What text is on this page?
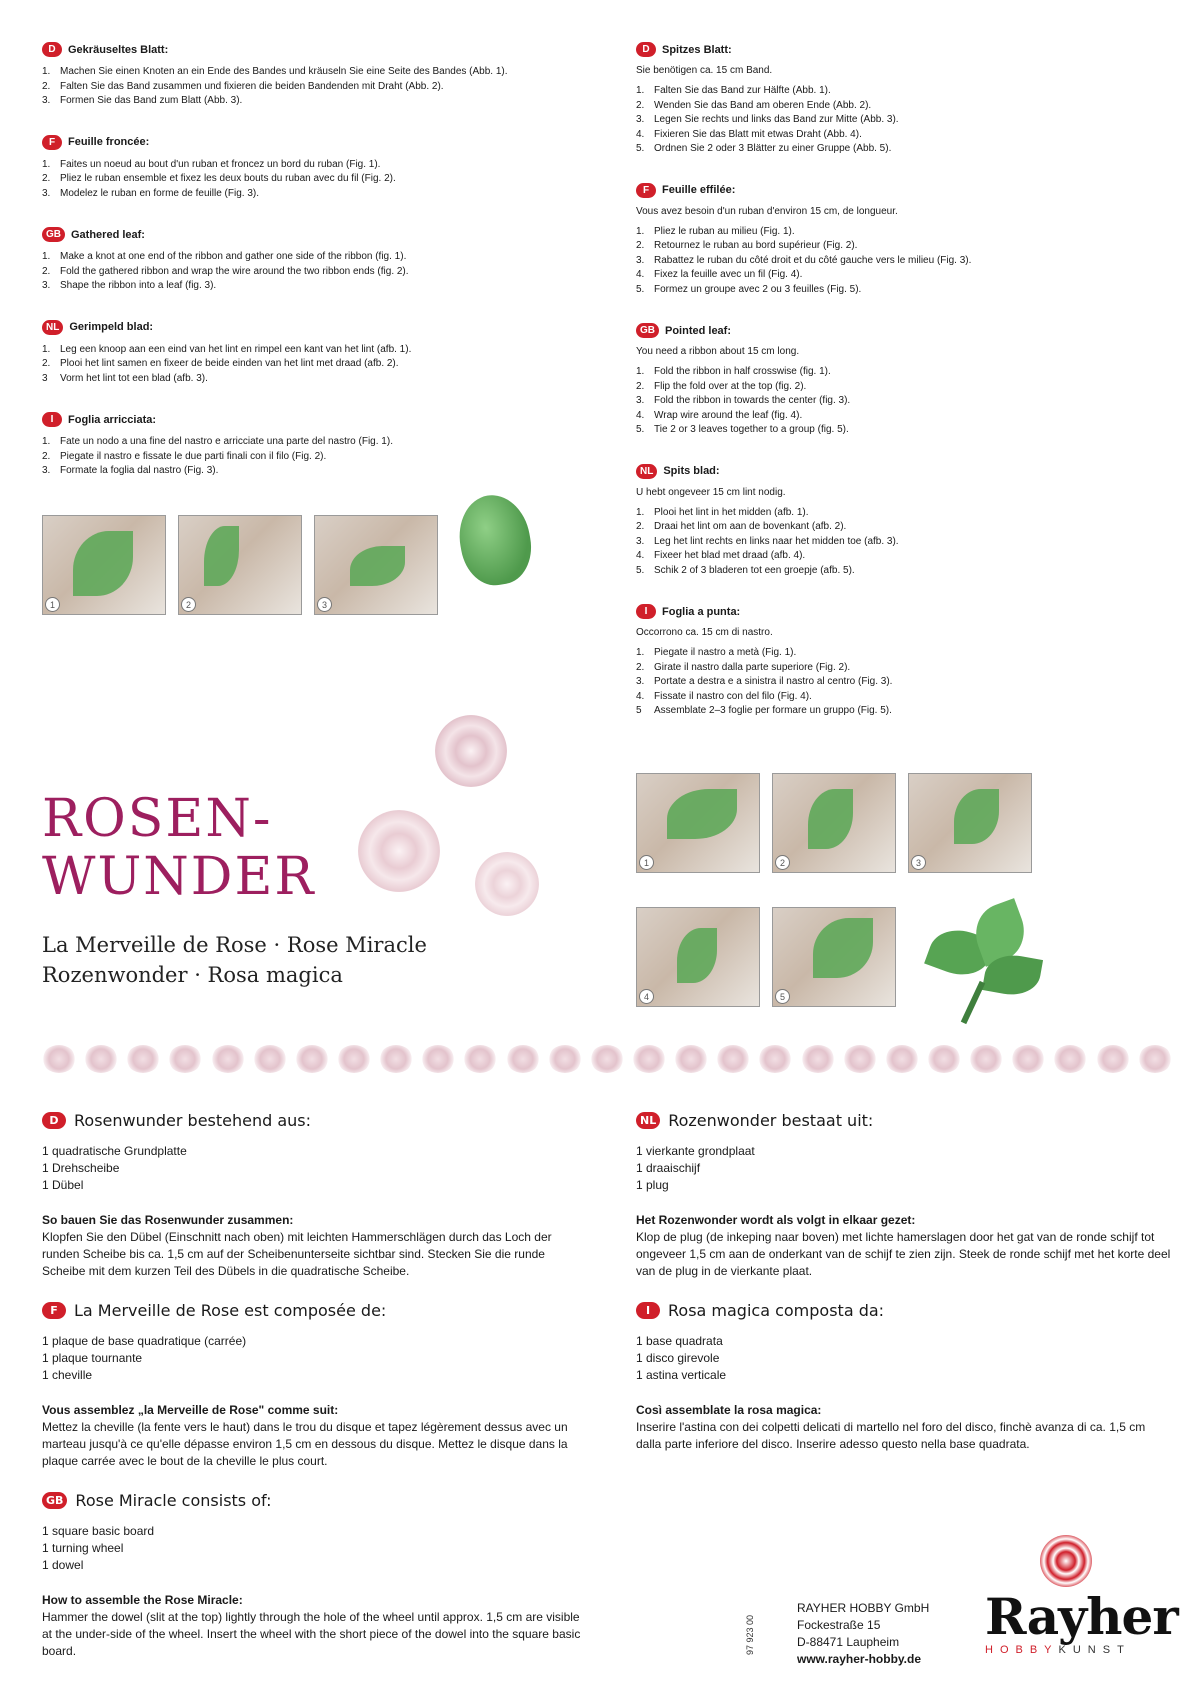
D	Gekräuseltes Blatt:
1. Machen Sie einen Knoten an ein Ende des Bandes und kräuseln Sie eine Seite des Bandes (Abb. 1).
2. Falten Sie das Band zusammen und fixieren die beiden Bandenden mit Draht (Abb. 2).
3. Formen Sie das Band zum Blatt (Abb. 3).
F	Feuille froncée:
1. Faites un noeud au bout d'un ruban et froncez un bord du ruban (Fig. 1).
2. Pliez le ruban ensemble et fixez les deux bouts du ruban avec du fil (Fig. 2).
3. Modelez le ruban en forme de feuille (Fig. 3).
GB Gathered leaf:
1. Make a knot at one end of the ribbon and gather one side of the ribbon (fig. 1).
2. Fold the gathered ribbon and wrap the wire around the two ribbon ends (fig. 2).
3. Shape the ribbon into a leaf (fig. 3).
NL Gerimpeld blad:
1. Leg een knoop aan een eind van het lint en rimpel een kant van het lint (afb. 1).
2. Plooi het lint samen en fixeer de beide einden van het lint met draad (afb. 2).
3	Vorm het lint tot een blad (afb. 3).
I	Foglia arricciata:
1. Fate un nodo a una fine del nastro e arricciate una parte del nastro (Fig. 1).
2. Piegate il nastro e fissate le due parti finali con il filo (Fig. 2).
3. Formate la foglia dal nastro (Fig. 3).
1	2	3
D	Spitzes Blatt:

Sie benötigen ca. 15 cm Band.

1. Falten Sie das Band zur Hälfte (Abb. 1).
2. Wenden Sie das Band am oberen Ende (Abb. 2).
3. Legen Sie rechts und links das Band zur Mitte (Abb. 3).
4. Fixieren Sie das Blatt mit etwas Draht (Abb. 4).
5. Ordnen Sie 2 oder 3 Blätter zu einer Gruppe (Abb. 5).
F	Feuille effilée:

Vous avez besoin d'un ruban d'environ 15 cm, de longueur.

1. Pliez le ruban au milieu (Fig. 1).
2. Retournez le ruban au bord supérieur (Fig. 2).
3. Rabattez le ruban du côté droit et du côté gauche vers le milieu (Fig. 3).
4. Fixez la feuille avec un fil (Fig. 4).
5. Formez un groupe avec 2 ou 3 feuilles (Fig. 5).
GB Pointed leaf:

You need a ribbon about 15 cm long.

1. Fold the ribbon in half crosswise (fig. 1).
2. Flip the fold over at the top (fig. 2).
3. Fold the ribbon in towards the center (fig. 3).
4. Wrap wire around the leaf (fig. 4).
5. Tie 2 or 3 leaves together to a group (fig. 5).
NL Spits blad:

U hebt ongeveer 15 cm lint nodig.

1. Plooi het lint in het midden (afb. 1).
2. Draai het lint om aan de bovenkant (afb. 2).
3. Leg het lint rechts en links naar het midden toe (afb. 3).
4. Fixeer het blad met draad (afb. 4).
5. Schik 2 of 3 bladeren tot een groepje (afb. 5).
I	Foglia a punta:

Occorrono ca. 15 cm di nastro.

1. Piegate il nastro a metà (Fig. 1).
2. Girate il nastro dalla parte superiore (Fig. 2).
3. Portate a destra e a sinistra il nastro al centro (Fig. 3).
4. Fissate il nastro con del filo (Fig. 4).
5	Assemblate 2–3 foglie per formare un gruppo (Fig. 5).
1	2	3
4	5
ROSEN-
WUNDER
La Merveille de Rose · Rose Miracle
Rozenwonder · Rosa magica
D Rosenwunder bestehend aus:
1 quadratische Grundplatte
1 Drehscheibe
1 Dübel
So bauen Sie das Rosenwunder zusammen:

Klopfen Sie den Dübel (Einschnitt nach oben) mit leichten Hammerschlägen durch das Loch der runden Scheibe bis ca. 1,5 cm auf der Scheibenunterseite sichtbar sind. Stecken Sie die runde Scheibe mit dem kurzen Teil des Dübels in die quadratische Scheibe.

F	La Merveille de Rose est composée de:
1 plaque de base quadratique (carrée)
1 plaque tournante
1 cheville
Vous assemblez „la Merveille de Rose" comme suit:

Mettez la cheville (la fente vers le haut) dans le trou du disque et tapez légèrement dessus avec un marteau jusqu'à ce qu'elle dépasse environ 1,5 cm en dessous du disque. Mettez le disque dans la plaque carrée avec le bout de la cheville le plus court.

GB Rose Miracle consists of:
1 square basic board
1 turning wheel
1 dowel
How to assemble the Rose Miracle:

Hammer the dowel (slit at the top) lightly through the hole of the wheel until approx. 1,5 cm are visible at the under-side of the wheel. Insert the wheel with the short piece of the dowel into the square basic board.

NL Rozenwonder bestaat uit:
1 vierkante grondplaat
1 draaischijf
1 plug
Het Rozenwonder wordt als volgt in elkaar gezet:

Klop de plug (de inkeping naar boven) met lichte hamerslagen door het gat van de ronde schijf tot ongeveer 1,5 cm aan de onderkant van de schijf te zien zijn. Steek de ronde schijf met het korte deel van de plug in de vierkante plaat.

I	Rosa magica composta da:
1 base quadrata
1 disco girevole
1 astina verticale
Così assemblate la rosa magica:

Inserire l'astina con dei colpetti delicati di martello nel foro del disco, finchè avanza di ca. 1,5 cm dalla parte inferiore del disco. Inserire adesso questo nella base quadrata.

97 923 00
RAYHER HOBBY GmbH
Fockestraße 15
D-88471 Laupheim
www.rayher-hobby.de
Rayher
HOBBYKUNST
